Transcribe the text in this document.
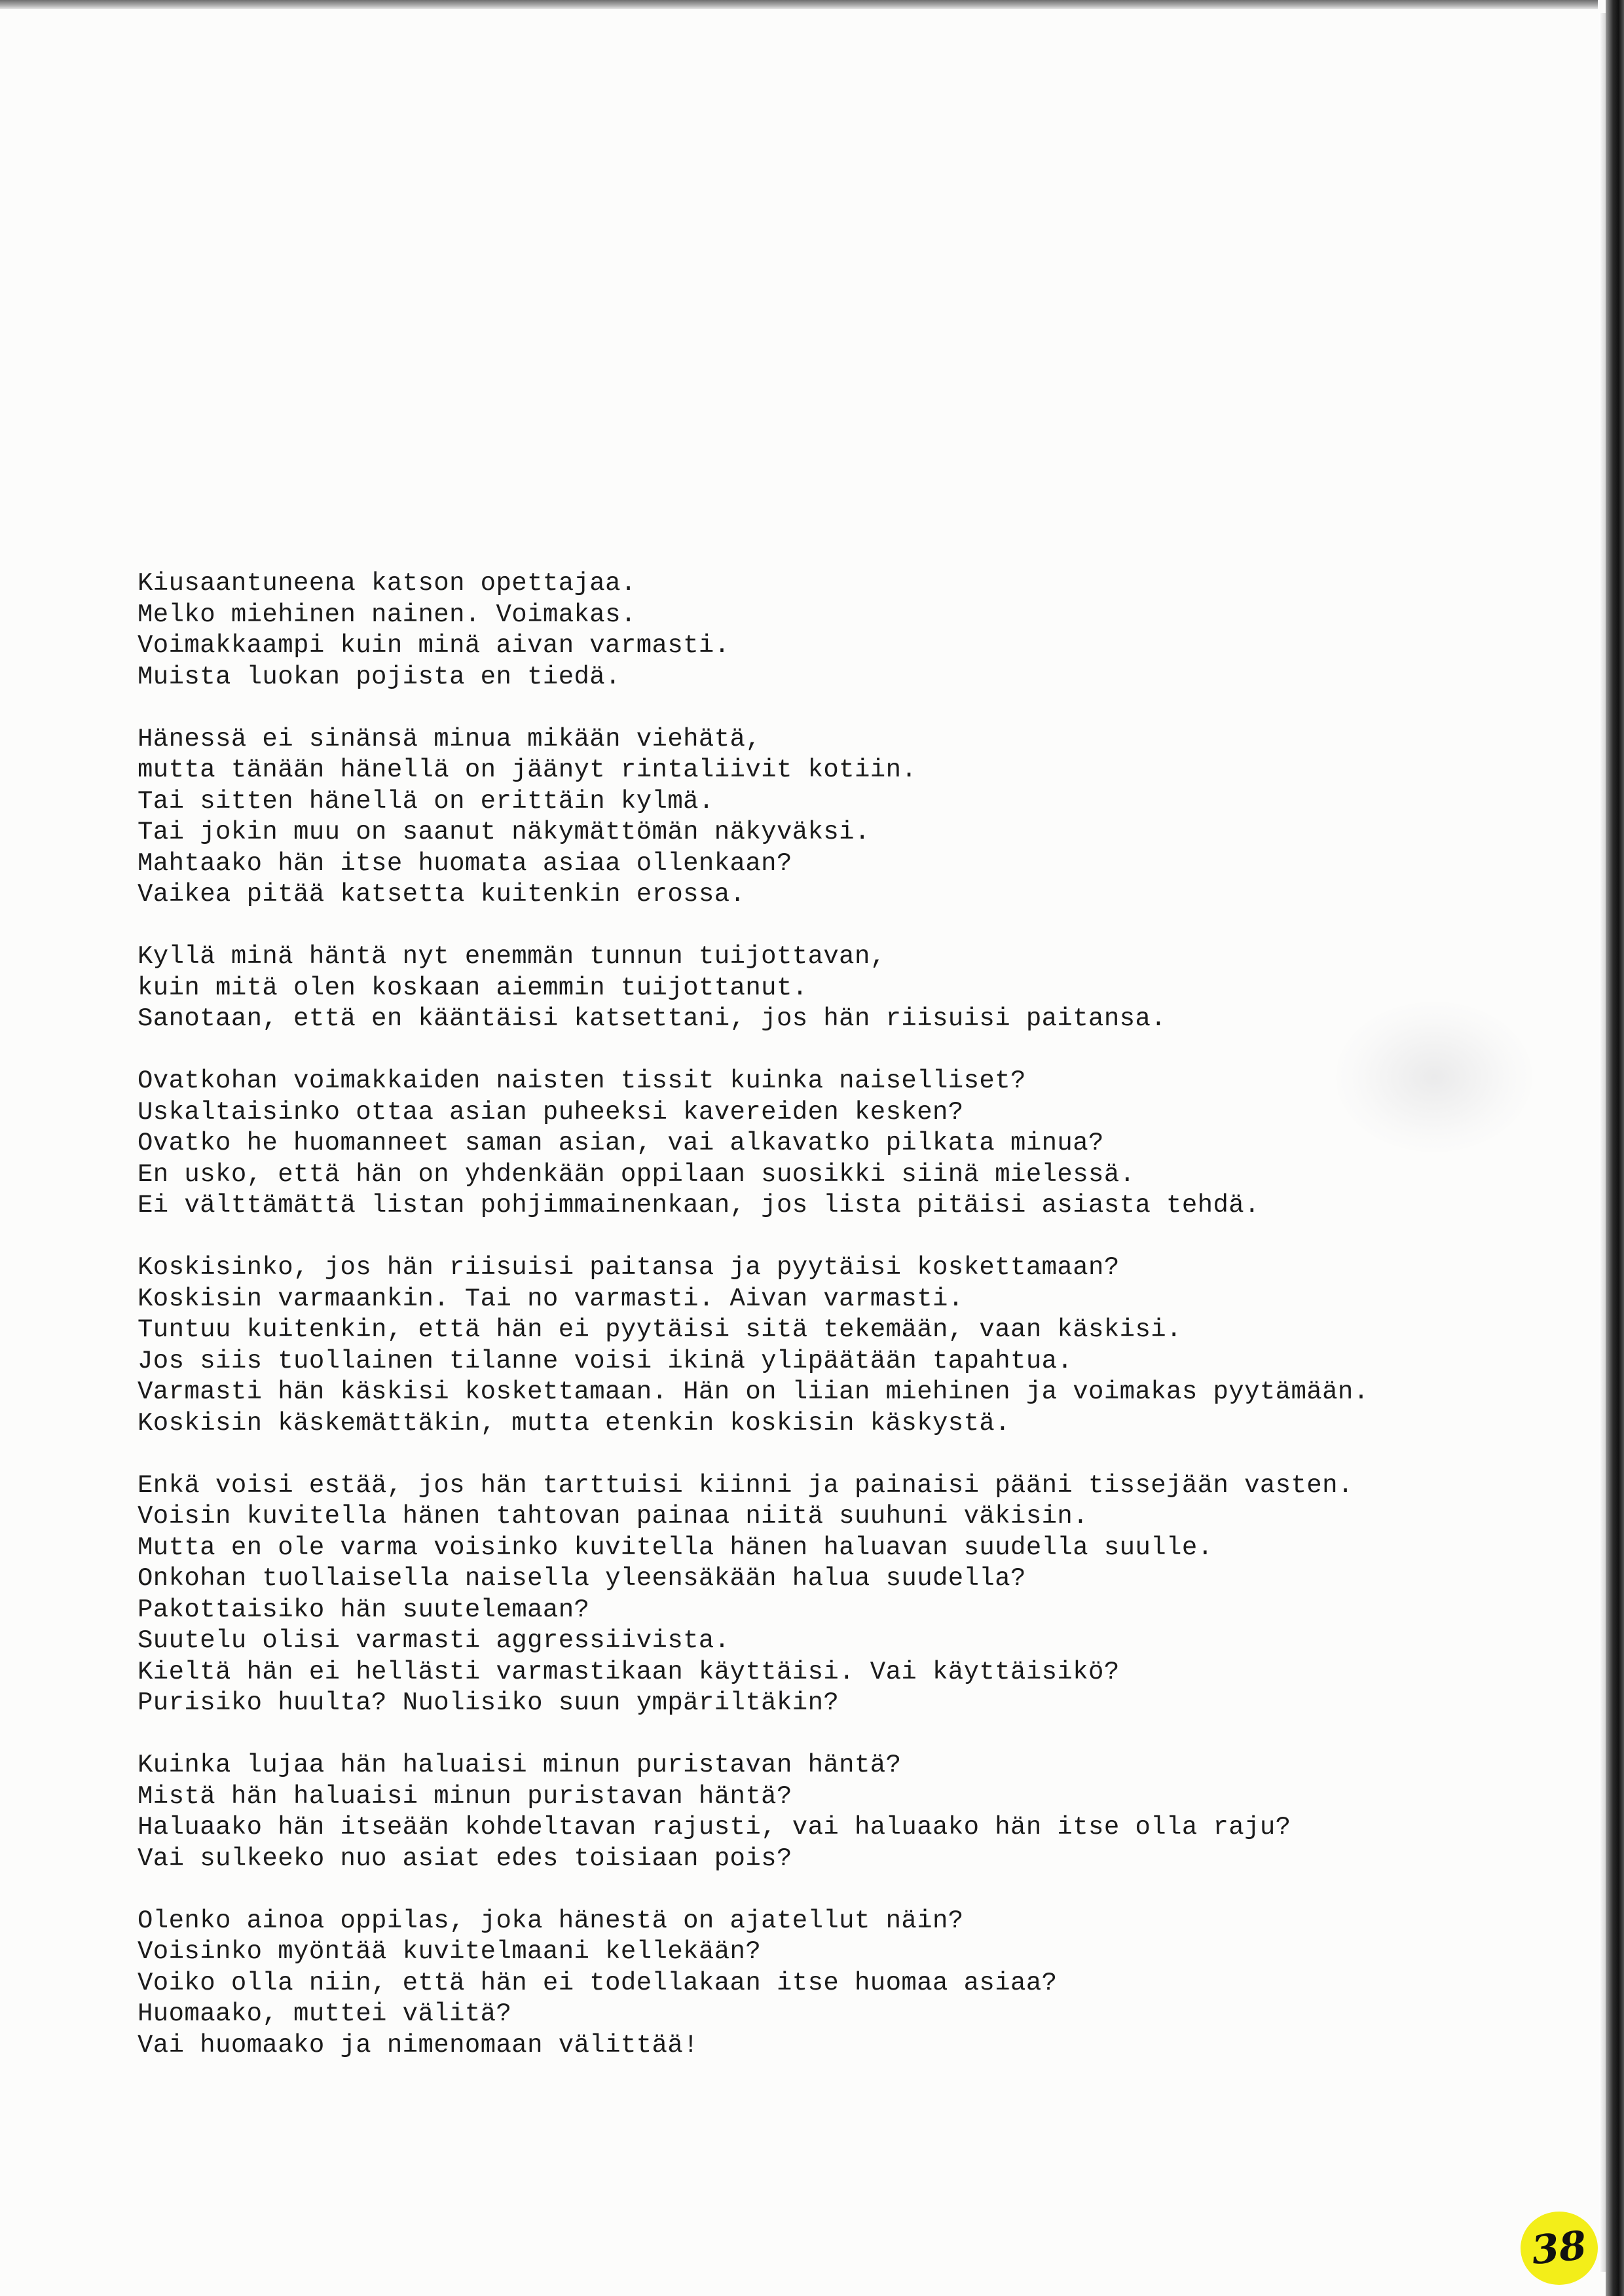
Kiusaantuneena katson opettajaa.
Melko miehinen nainen. Voimakas.
Voimakkaampi kuin minä aivan varmasti.
Muista luokan pojista en tiedä.
Hänessä ei sinänsä minua mikään viehätä,
mutta tänään hänellä on jäänyt rintaliivit kotiin.
Tai sitten hänellä on erittäin kylmä.
Tai jokin muu on saanut näkymättömän näkyväksi.
Mahtaako hän itse huomata asiaa ollenkaan?
Vaikea pitää katsetta kuitenkin erossa.
Kyllä minä häntä nyt enemmän tunnun tuijottavan,
kuin mitä olen koskaan aiemmin tuijottanut.
Sanotaan, että en kääntäisi katsettani, jos hän riisuisi paitansa.
Ovatkohan voimakkaiden naisten tissit kuinka naiselliset?
Uskaltaisinko ottaa asian puheeksi kavereiden kesken?
Ovatko he huomanneet saman asian, vai alkavatko pilkata minua?
En usko, että hän on yhdenkään oppilaan suosikki siinä mielessä.
Ei välttämättä listan pohjimmainenkaan, jos lista pitäisi asiasta tehdä.
Koskisinko, jos hän riisuisi paitansa ja pyytäisi koskettamaan?
Koskisin varmaankin. Tai no varmasti. Aivan varmasti.
Tuntuu kuitenkin, että hän ei pyytäisi sitä tekemään, vaan käskisi.
Jos siis tuollainen tilanne voisi ikinä ylipäätään tapahtua.
Varmasti hän käskisi koskettamaan. Hän on liian miehinen ja voimakas pyytämään.
Koskisin käskemättäkin, mutta etenkin koskisin käskystä.
Enkä voisi estää, jos hän tarttuisi kiinni ja painaisi pääni tissejään vasten.
Voisin kuvitella hänen tahtovan painaa niitä suuhuni väkisin.
Mutta en ole varma voisinko kuvitella hänen haluavan suudella suulle.
Onkohan tuollaisella naisella yleensäkään halua suudella?
Pakottaisiko hän suutelemaan?
Suutelu olisi varmasti aggressiivista.
Kieltä hän ei hellästi varmastikaan käyttäisi. Vai käyttäisikö?
Purisiko huulta? Nuolisiko suun ympäriltäkin?
Kuinka lujaa hän haluaisi minun puristavan häntä?
Mistä hän haluaisi minun puristavan häntä?
Haluaako hän itseään kohdeltavan rajusti, vai haluaako hän itse olla raju?
Vai sulkeeko nuo asiat edes toisiaan pois?
Olenko ainoa oppilas, joka hänestä on ajatellut näin?
Voisinko myöntää kuvitelmaani kellekään?
Voiko olla niin, että hän ei todellakaan itse huomaa asiaa?
Huomaako, muttei välitä?
Vai huomaako ja nimenomaan välittää!
38
